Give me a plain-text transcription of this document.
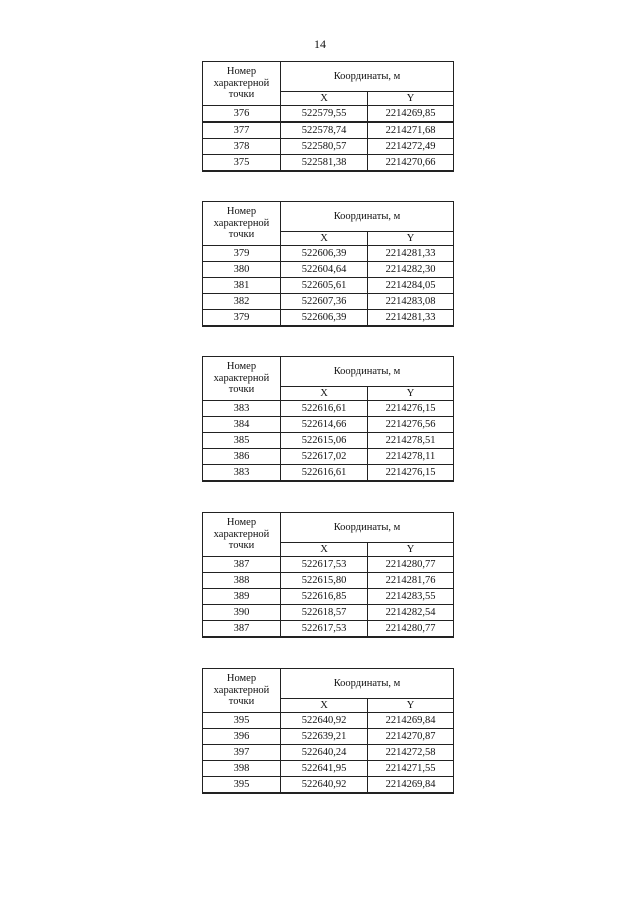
14
Номер
характерной
точки	Координаты, м	
	X	Y
376	522579,55	2214269,85
377	522578,74	2214271,68
378	522580,57	2214272,49
375	522581,38	2214270,66
Номер
характерной
точки	Координаты, м	
	X	Y
379	522606,39	2214281,33
380	522604,64	2214282,30
381	522605,61	2214284,05
382	522607,36	2214283,08
379	522606,39	2214281,33
Номер
характерной
точки	Координаты, м	
	X	Y
383	522616,61	2214276,15
384	522614,66	2214276,56
385	522615,06	2214278,51
386	522617,02	2214278,11
383	522616,61	2214276,15
Номер
характерной
точки	Координаты, м	
	X	Y
387	522617,53	2214280,77
388	522615,80	2214281,76
389	522616,85	2214283,55
390	522618,57	2214282,54
387	522617,53	2214280,77
Номер
характерной
точки	Координаты, м	
	X	Y
395	522640,92	2214269,84
396	522639,21	2214270,87
397	522640,24	2214272,58
398	522641,95	2214271,55
395	522640,92	2214269,84
